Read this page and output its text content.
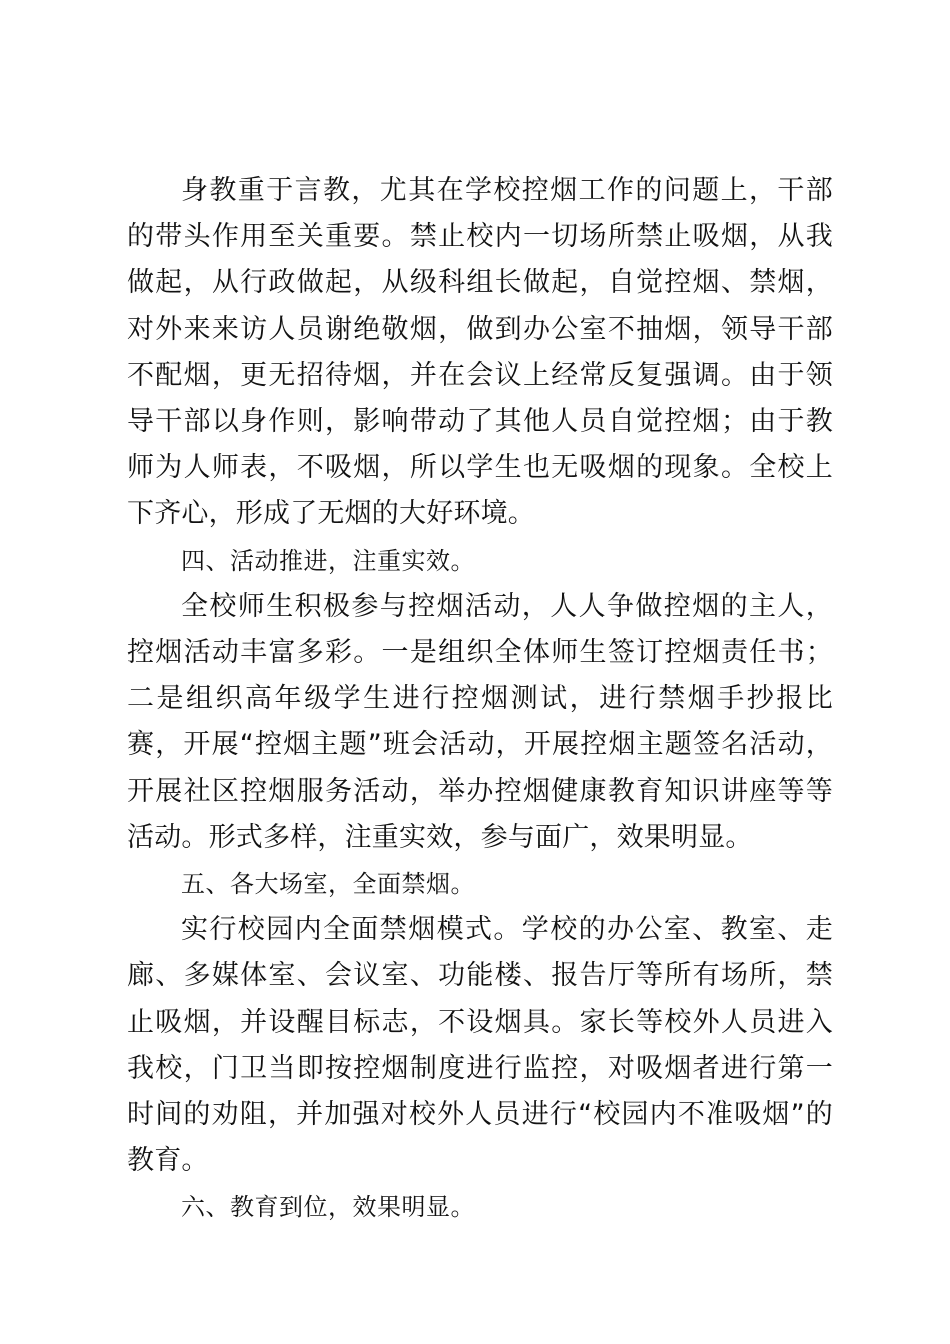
身教重于言教，尤其在学校控烟工作的问题上，干部的带头作用至关重要。禁止校内一切场所禁止吸烟，从我做起，从行政做起，从级科组长做起，自觉控烟、禁烟，对外来来访人员谢绝敬烟，做到办公室不抽烟，领导干部不配烟，更无招待烟，并在会议上经常反复强调。由于领导干部以身作则，影响带动了其他人员自觉控烟；由于教师为人师表，不吸烟，所以学生也无吸烟的现象。全校上下齐心，形成了无烟的大好环境。

四、活动推进，注重实效。

全校师生积极参与控烟活动，人人争做控烟的主人，控烟活动丰富多彩。一是组织全体师生签订控烟责任书；二是组织高年级学生进行控烟测试，进行禁烟手抄报比赛，开展“控烟主题”班会活动，开展控烟主题签名活动，开展社区控烟服务活动，举办控烟健康教育知识讲座等等活动。形式多样，注重实效，参与面广，效果明显。

五、各大场室，全面禁烟。

实行校园内全面禁烟模式。学校的办公室、教室、走廊、多媒体室、会议室、功能楼、报告厅等所有场所，禁止吸烟，并设醒目标志，不设烟具。家长等校外人员进入我校，门卫当即按控烟制度进行监控，对吸烟者进行第一时间的劝阻，并加强对校外人员进行“校园内不准吸烟”的教育。

六、教育到位，效果明显。
